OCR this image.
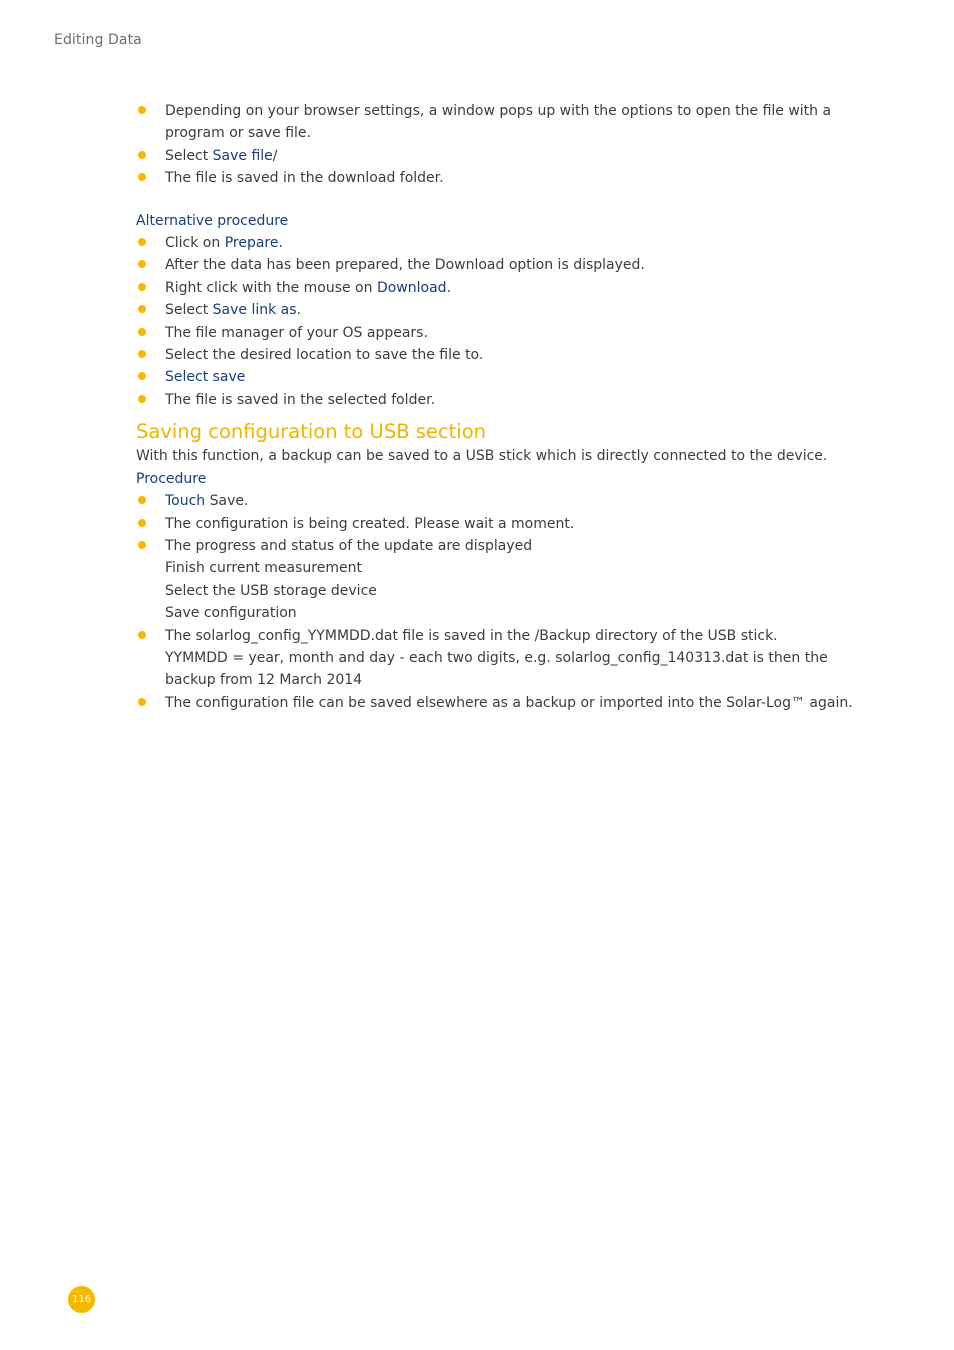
Editing Data
Depending on your browser settings, a window pops up with the options to open the file with a program or save file.
Select Save file/
The file is saved in the download folder.

Alternative procedure

Click on Prepare.
After the data has been prepared, the Download option is displayed.
Right click with the mouse on Download.
Select Save link as.
The file manager of your OS appears.
Select the desired location to save the file to.
Select save
The file is saved in the selected folder.
Saving configuration to USB section

With this function, a backup can be saved to a USB stick which is directly connected to the device.

Procedure

Touch Save.
The configuration is being created. Please wait a moment.
The progress and status of the update are displayed
Finish current measurement
Select the USB storage device
Save configuration
The solarlog_config_YYMMDD.dat file is saved in the /Backup directory of the USB stick.
YYMMDD = year, month and day - each two digits, e.g. solarlog_config_140313.dat is then the
backup from 12 March 2014
The configuration file can be saved elsewhere as a backup or imported into the Solar-Log™ again.
116
